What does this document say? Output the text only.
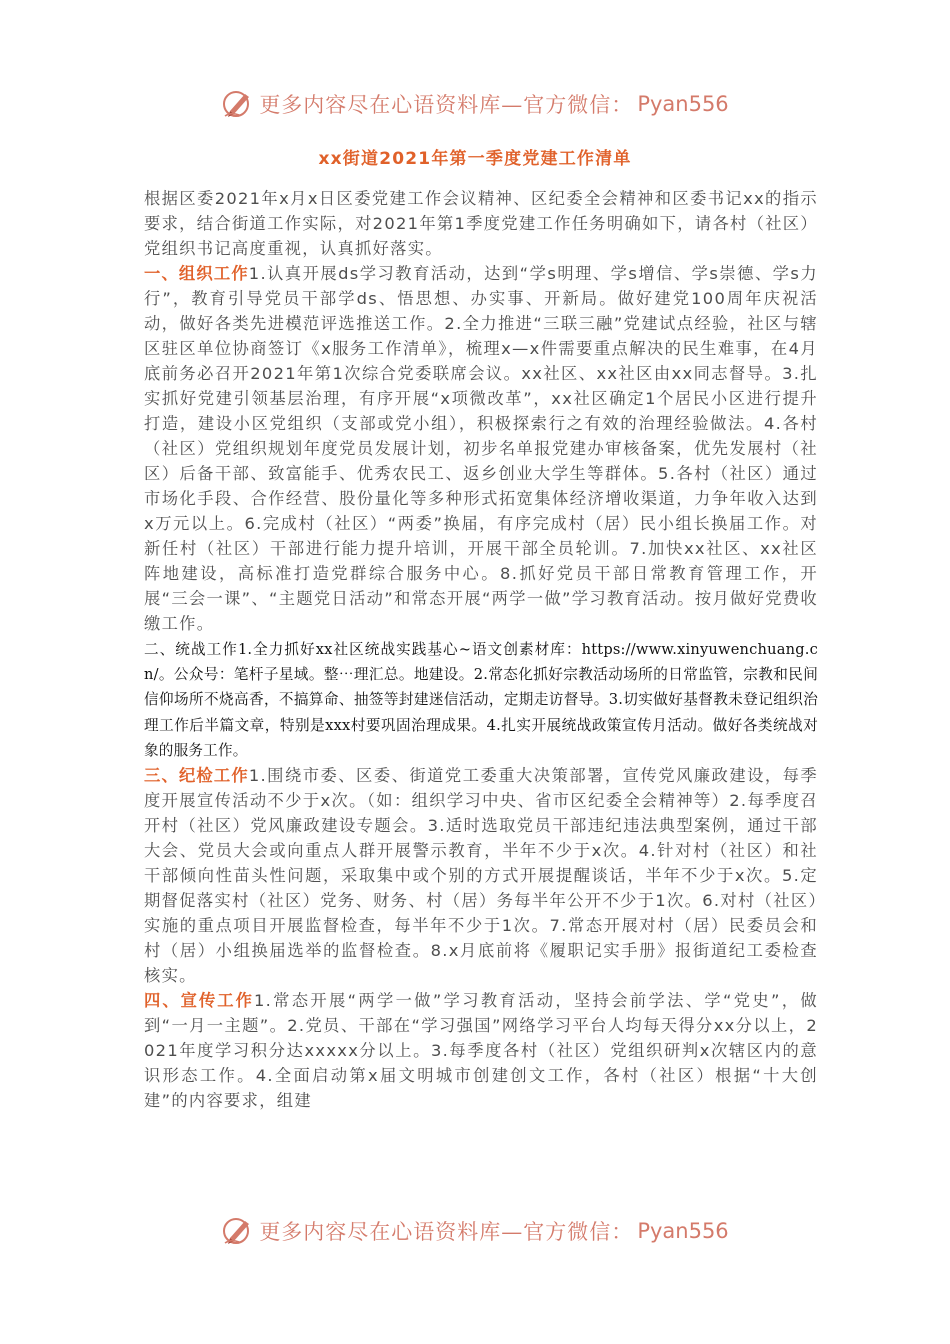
更多内容尽在心语资料库—官方微信： Pyan556
xx街道2021年第一季度党建工作清单

根据区委2021年x月x日区委党建工作会议精神、区纪委全会精神和区委书记xx的指示要求，结合街道工作实际，对2021年第1季度党建工作任务明确如下，请各村（社区）党组织书记高度重视，认真抓好落实。

一、组织工作1.认真开展ds学习教育活动，达到“学s明理、学s增信、学s崇德、学s力行”，教育引导党员干部学ds、悟思想、办实事、开新局。做好建党100周年庆祝活动，做好各类先进模范评选推送工作。2.全力推进“三联三融”党建试点经验，社区与辖区驻区单位协商签订《x服务工作清单》，梳理x—x件需要重点解决的民生难事，在4月底前务必召开2021年第1次综合党委联席会议。xx社区、xx社区由xx同志督导。3.扎实抓好党建引领基层治理，有序开展“x项微改革”，xx社区确定1个居民小区进行提升打造，建设小区党组织（支部或党小组），积极探索行之有效的治理经验做法。4.各村（社区）党组织规划年度党员发展计划，初步名单报党建办审核备案，优先发展村（社区）后备干部、致富能手、优秀农民工、返乡创业大学生等群体。5.各村（社区）通过市场化手段、合作经营、股份量化等多种形式拓宽集体经济增收渠道，力争年收入达到x万元以上。6.完成村（社区）“两委”换届，有序完成村（居）民小组长换届工作。对新任村（社区）干部进行能力提升培训，开展干部全员轮训。7.加快xx社区、xx社区阵地建设，高标准打造党群综合服务中心。8.抓好党员干部日常教育管理工作，开展“三会一课”、“主题党日活动”和常态开展“两学一做”学习教育活动。按月做好党费收缴工作。

二、统战工作1.全力抓好xx社区统战实践基心~语文创素材库：https://www.xinyuwenchuang.cn/。公众号：笔杆子星域。整⋯理汇总。地建设。2.常态化抓好宗教活动场所的日常监管，宗教和民间信仰场所不烧高香，不搞算命、抽签等封建迷信活动，定期走访督导。3.切实做好基督教未登记组织治理工作后半篇文章，特别是xxx村要巩固治理成果。4.扎实开展统战政策宣传月活动。做好各类统战对象的服务工作。

三、纪检工作1.围绕市委、区委、街道党工委重大决策部署，宣传党风廉政建设，每季度开展宣传活动不少于x次。（如：组织学习中央、省市区纪委全会精神等）2.每季度召开村（社区）党风廉政建设专题会。3.适时选取党员干部违纪违法典型案例，通过干部大会、党员大会或向重点人群开展警示教育，半年不少于x次。4.针对村（社区）和社干部倾向性苗头性问题，采取集中或个别的方式开展提醒谈话，半年不少于x次。5.定期督促落实村（社区）党务、财务、村（居）务每半年公开不少于1次。6.对村（社区）实施的重点项目开展监督检查，每半年不少于1次。7.常态开展对村（居）民委员会和村（居）小组换届选举的监督检查。8.x月底前将《履职记实手册》报街道纪工委检查核实。

四、宣传工作1.常态开展“两学一做”学习教育活动，坚持会前学法、学“党史”，做到“一月一主题”。2.党员、干部在“学习强国”网络学习平台人均每天得分xx分以上，2021年度学习积分达xxxxx分以上。3.每季度各村（社区）党组织研判x次辖区内的意识形态工作。4.全面启动第x届文明城市创建创文工作，各村（社区）根据“十大创建”的内容要求，组建

更多内容尽在心语资料库—官方微信： Pyan556
